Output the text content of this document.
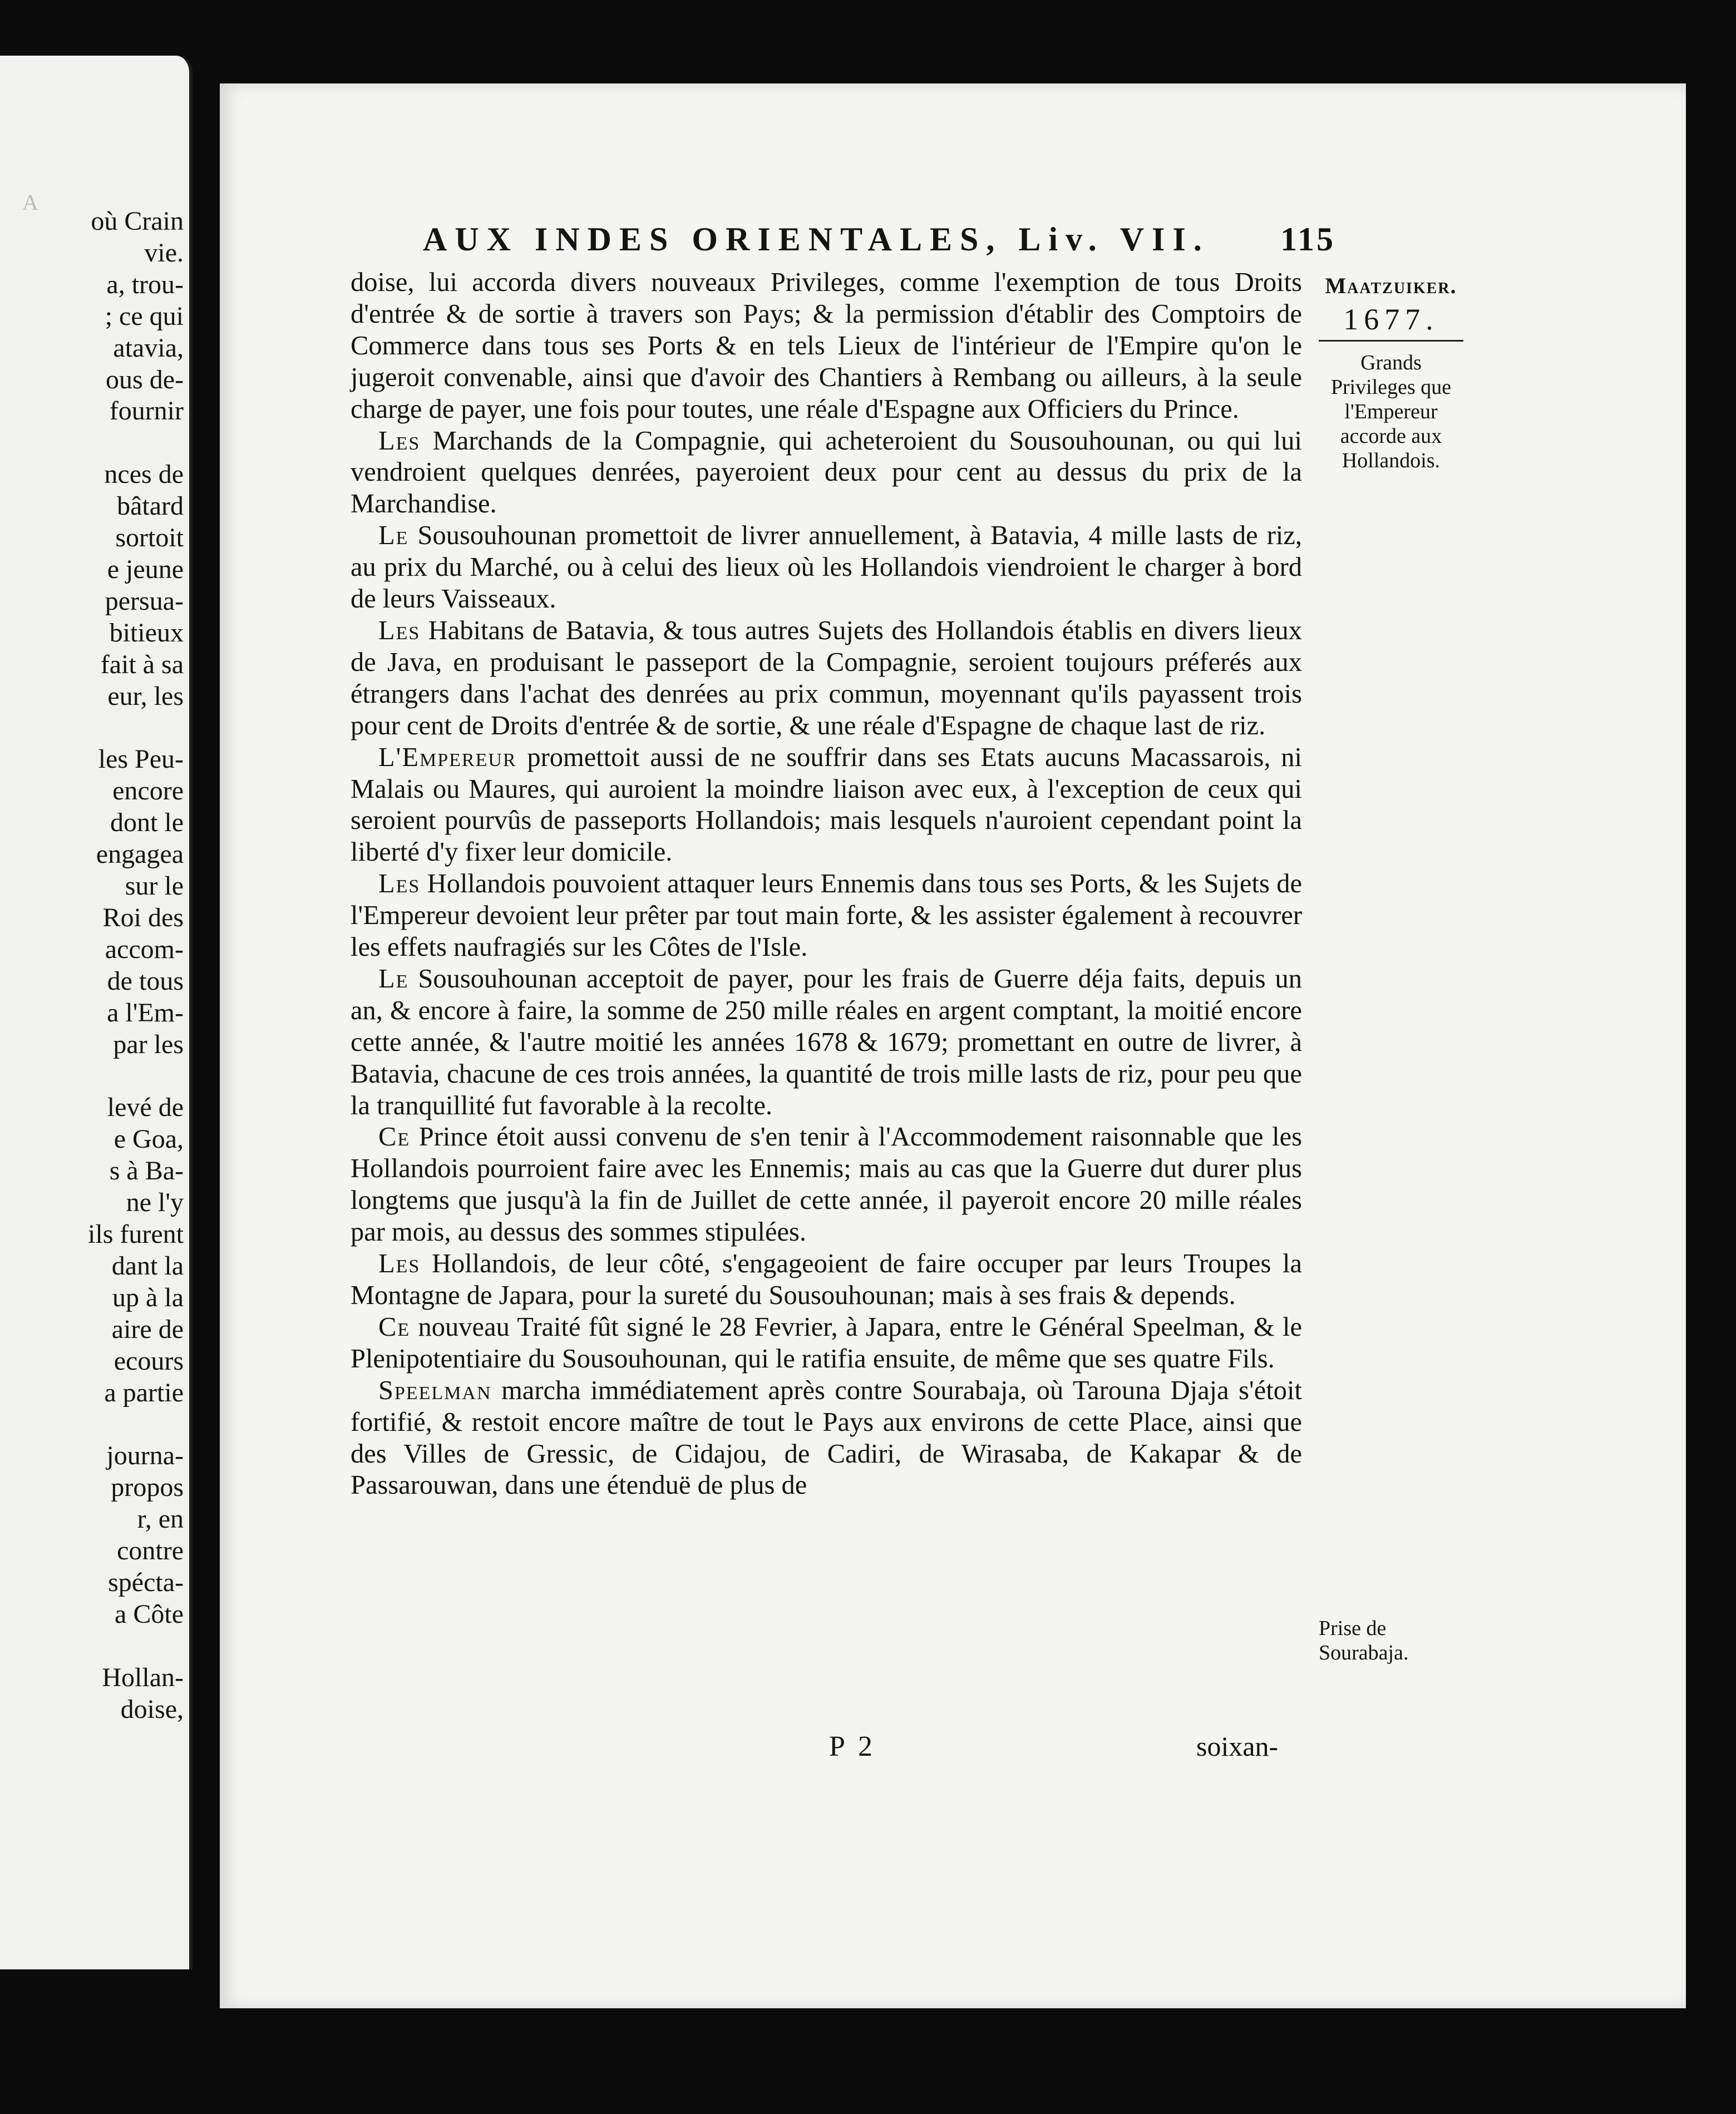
A
où Crain
vie.
a, trou-
; ce qui
atavia,
ous de-
fournir

nces de
bâtard
sortoit
e jeune
persua-
bitieux
fait à sa
eur, les

les Peu-
encore
dont le
engagea
sur le
Roi des
accom-
de tous
a l'Em-
par les

levé de
e Goa,
s à Ba-
ne l'y
ils furent
dant la
up à la
aire de
ecours
a partie

journa-
propos
r, en
contre
spécta-
a Côte

Hollan-
doise,
AUX INDES ORIENTALES, Liv. VII. 115
Maatzuiker.
1677.
Grands Privileges que l'Empereur accorde aux Hollandois.
Prise de Sourabaja.

doise, lui accorda divers nouveaux Privileges, comme l'exemption de tous Droits d'entrée & de sortie à travers son Pays; & la permission d'établir des Comptoirs de Commerce dans tous ses Ports & en tels Lieux de l'intérieur de l'Empire qu'on le jugeroit convenable, ainsi que d'avoir des Chantiers à Rembang ou ailleurs, à la seule charge de payer, une fois pour toutes, une réale d'Espagne aux Officiers du Prince.

Les Marchands de la Compagnie, qui acheteroient du Sousouhounan, ou qui lui vendroient quelques denrées, payeroient deux pour cent au dessus du prix de la Marchandise.

Le Sousouhounan promettoit de livrer annuellement, à Batavia, 4 mille lasts de riz, au prix du Marché, ou à celui des lieux où les Hollandois viendroient le charger à bord de leurs Vaisseaux.

Les Habitans de Batavia, & tous autres Sujets des Hollandois établis en divers lieux de Java, en produisant le passeport de la Compagnie, seroient toujours préferés aux étrangers dans l'achat des denrées au prix commun, moyennant qu'ils payassent trois pour cent de Droits d'entrée & de sortie, & une réale d'Espagne de chaque last de riz.

L'Empereur promettoit aussi de ne souffrir dans ses Etats aucuns Macassarois, ni Malais ou Maures, qui auroient la moindre liaison avec eux, à l'exception de ceux qui seroient pourvûs de passeports Hollandois; mais lesquels n'auroient cependant point la liberté d'y fixer leur domicile.

Les Hollandois pouvoient attaquer leurs Ennemis dans tous ses Ports, & les Sujets de l'Empereur devoient leur prêter par tout main forte, & les assister également à recouvrer les effets naufragiés sur les Côtes de l'Isle.

Le Sousouhounan acceptoit de payer, pour les frais de Guerre déja faits, depuis un an, & encore à faire, la somme de 250 mille réales en argent comptant, la moitié encore cette année, & l'autre moitié les années 1678 & 1679; promettant en outre de livrer, à Batavia, chacune de ces trois années, la quantité de trois mille lasts de riz, pour peu que la tranquillité fut favorable à la recolte.

Ce Prince étoit aussi convenu de s'en tenir à l'Accommodement raisonnable que les Hollandois pourroient faire avec les Ennemis; mais au cas que la Guerre dut durer plus longtems que jusqu'à la fin de Juillet de cette année, il payeroit encore 20 mille réales par mois, au dessus des sommes stipulées.

Les Hollandois, de leur côté, s'engageoient de faire occuper par leurs Troupes la Montagne de Japara, pour la sureté du Sousouhounan; mais à ses frais & depends.

Ce nouveau Traité fût signé le 28 Fevrier, à Japara, entre le Général Speelman, & le Plenipotentiaire du Sousouhounan, qui le ratifia ensuite, de même que ses quatre Fils.

Speelman marcha immédiatement après contre Sourabaja, où Tarouna Djaja s'étoit fortifié, & restoit encore maître de tout le Pays aux environs de cette Place, ainsi que des Villes de Gressic, de Cidajou, de Cadiri, de Wirasaba, de Kakapar & de Passarouwan, dans une étenduë de plus de

P 2	soixan-
